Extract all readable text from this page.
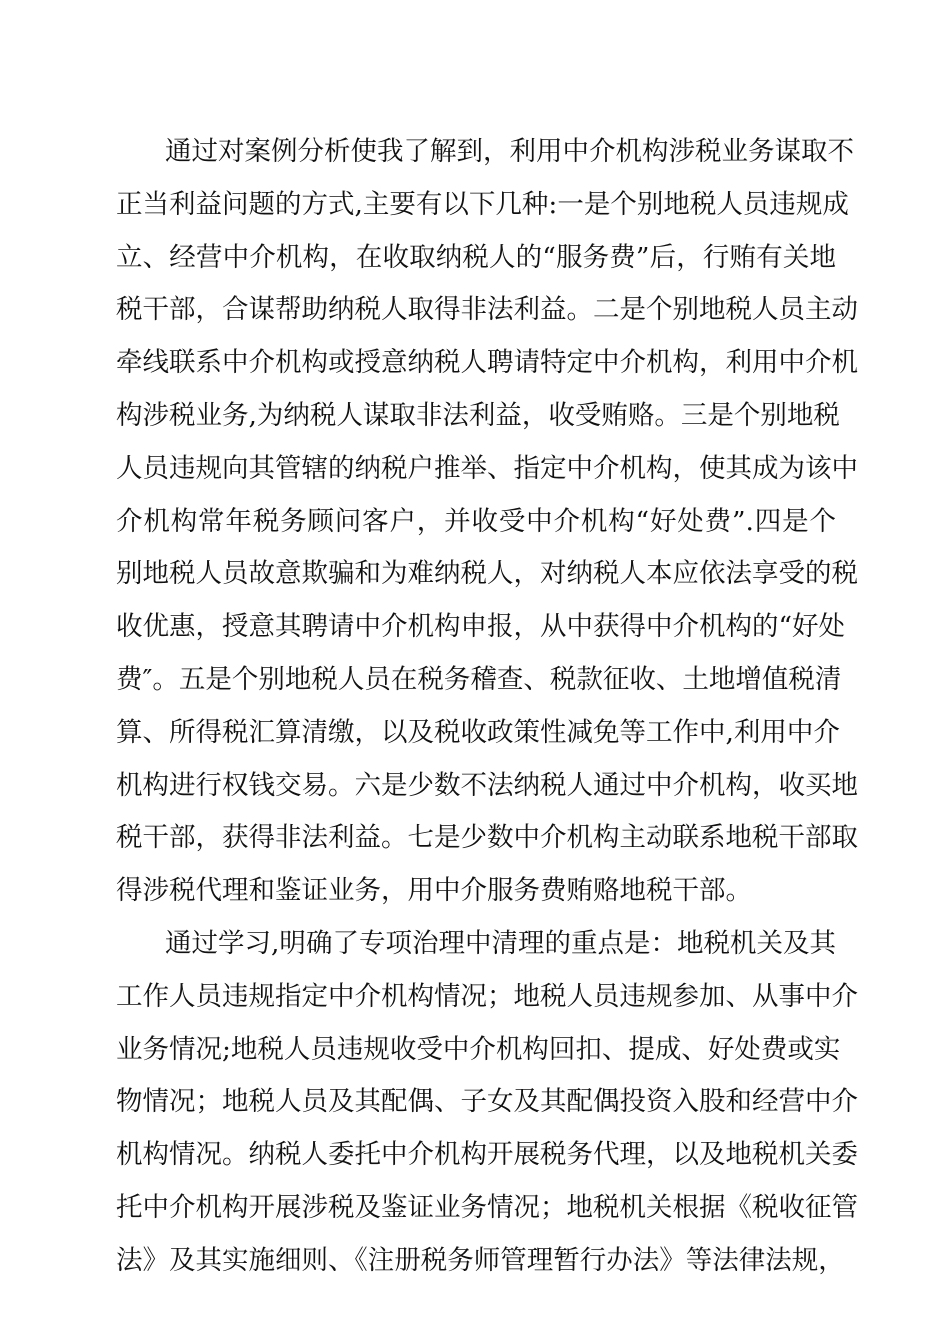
通过对案例分析使我了解到，利用中介机构涉税业务谋取不
正当利益问题的方式,主要有以下几种:一是个别地税人员违规成
立、经营中介机构，在收取纳税人的“服务费”后，行贿有关地
税干部，合谋帮助纳税人取得非法利益。二是个别地税人员主动
牵线联系中介机构或授意纳税人聘请特定中介机构，利用中介机
构涉税业务,为纳税人谋取非法利益，收受贿赂。三是个别地税
人员违规向其管辖的纳税户推举、指定中介机构，使其成为该中
介机构常年税务顾问客户，并收受中介机构“好处费”.四是个
别地税人员故意欺骗和为难纳税人，对纳税人本应依法享受的税
收优惠，授意其聘请中介机构申报，从中获得中介机构的“好处
费″。五是个别地税人员在税务稽查、税款征收、土地增值税清
算、所得税汇算清缴，以及税收政策性减免等工作中,利用中介
机构进行权钱交易。六是少数不法纳税人通过中介机构，收买地
税干部，获得非法利益。七是少数中介机构主动联系地税干部取
得涉税代理和鉴证业务，用中介服务费贿赂地税干部。
通过学习,明确了专项治理中清理的重点是：地税机关及其
工作人员违规指定中介机构情况；地税人员违规参加、从事中介
业务情况;地税人员违规收受中介机构回扣、提成、好处费或实
物情况；地税人员及其配偶、子女及其配偶投资入股和经营中介
机构情况。纳税人委托中介机构开展税务代理，以及地税机关委
托中介机构开展涉税及鉴证业务情况；地税机关根据《税收征管
法》及其实施细则、《注册税务师管理暂行办法》等法律法规，
